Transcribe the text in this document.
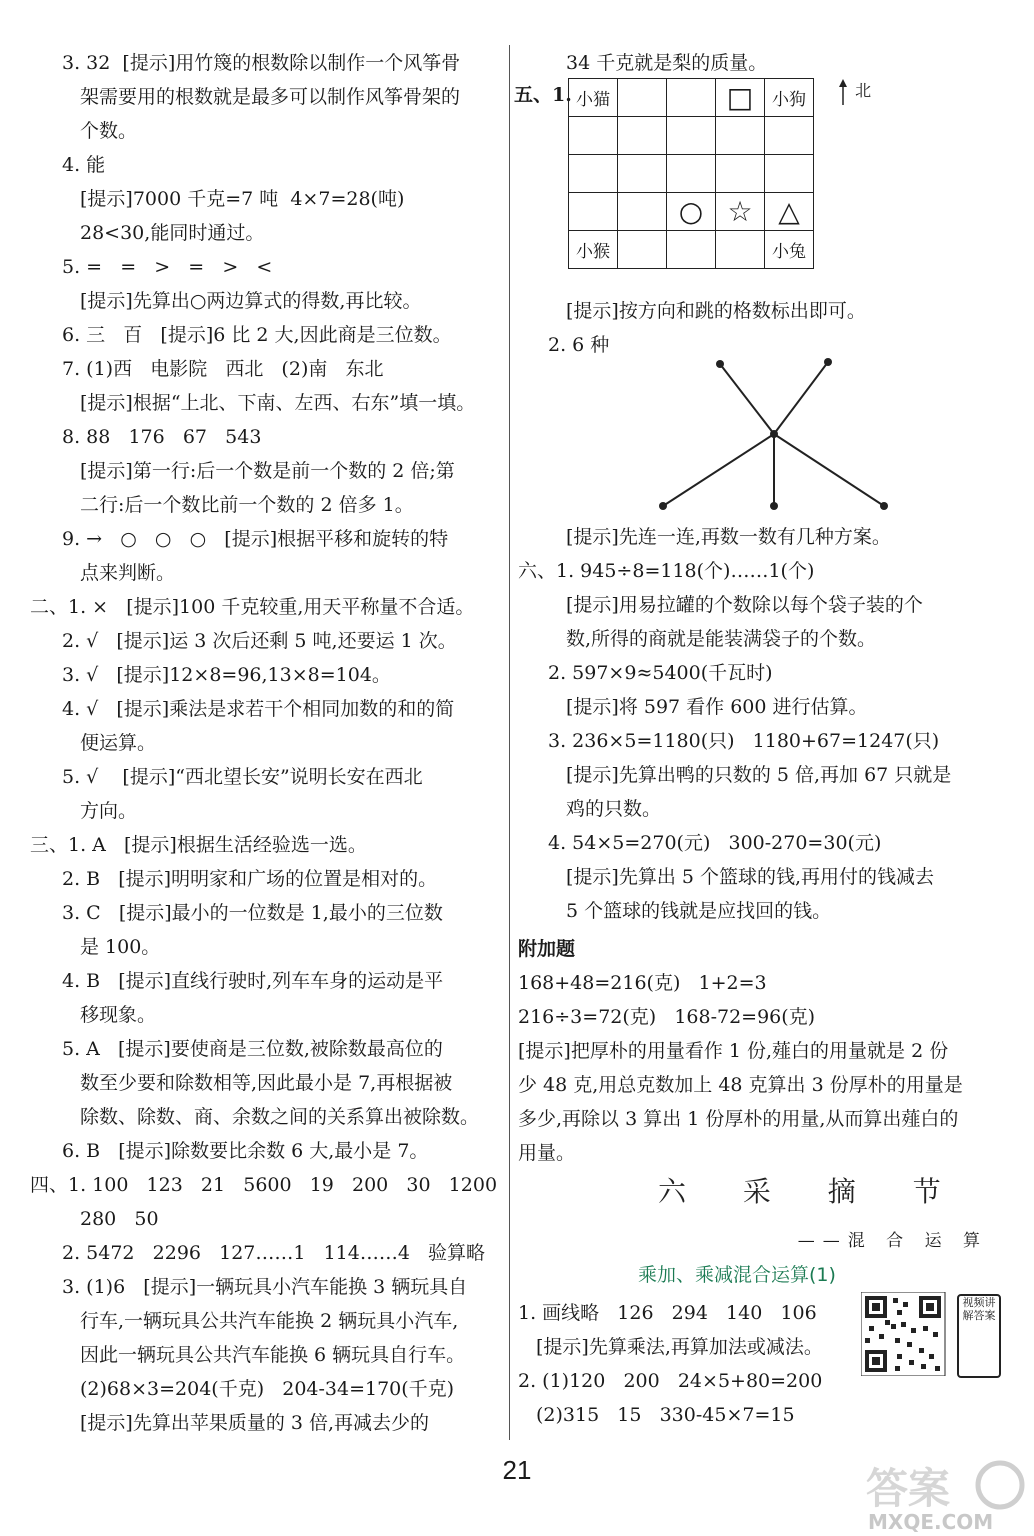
3. 32  [提示]用竹篾的根数除以制作一个风筝骨
架需要用的根数就是最多可以制作风筝骨架的
个数。
4. 能
[提示]7000 千克=7 吨  4×7=28(吨)
28<30,能同时通过。
5. =   =   >   =   >   <
[提示]先算出○两边算式的得数,再比较。
6. 三   百   [提示]6 比 2 大,因此商是三位数。
7. (1)西   电影院   西北   (2)南   东北
[提示]根据“上北、下南、左西、右东”填一填。
8. 88   176   67   543
[提示]第一行:后一个数是前一个数的 2 倍;第
二行:后一个数比前一个数的 2 倍多 1。
9. →   ○   ○   ○   [提示]根据平移和旋转的特
点来判断。
二、1. ×   [提示]100 千克较重,用天平称量不合适。
2. √   [提示]运 3 次后还剩 5 吨,还要运 1 次。
3. √   [提示]12×8=96,13×8=104。
4. √   [提示]乘法是求若干个相同加数的和的简
便运算。
5. √    [提示]“西北望长安”说明长安在西北
方向。
三、1. A   [提示]根据生活经验选一选。
2. B   [提示]明明家和广场的位置是相对的。
3. C   [提示]最小的一位数是 1,最小的三位数
是 100。
4. B   [提示]直线行驶时,列车车身的运动是平
移现象。
5. A   [提示]要使商是三位数,被除数最高位的
数至少要和除数相等,因此最小是 7,再根据被
除数、除数、商、余数之间的关系算出被除数。
6. B   [提示]除数要比余数 6 大,最小是 7。
四、1. 100   123   21   5600   19   200   30   1200
280   50
2. 5472   2296   127……1   114……4   验算略
3. (1)6   [提示]一辆玩具小汽车能换 3 辆玩具自
行车,一辆玩具公共汽车能换 2 辆玩具小汽车,
因此一辆玩具公共汽车能换 6 辆玩具自行车。
(2)68×3=204(千克)   204-34=170(千克)
[提示]先算出苹果质量的 3 倍,再减去少的
五、1. 小猫			□	小狗

		○	☆	△

小猴				小兔
北
六 采 摘 节
——混 合 运 算
乘加、乘减混合运算(1)
视频讲解答案
34 千克就是梨的质量。
[提示]按方向和跳的格数标出即可。
2. 6 种
[提示]先连一连,再数一数有几种方案。
六、1. 945÷8=118(个)……1(个)
[提示]用易拉罐的个数除以每个袋子装的个
数,所得的商就是能装满袋子的个数。
2. 597×9≈5400(千瓦时)
[提示]将 597 看作 600 进行估算。
3. 236×5=1180(只)   1180+67=1247(只)
[提示]先算出鸭的只数的 5 倍,再加 67 只就是
鸡的只数。
4. 54×5=270(元)   300-270=30(元)
[提示]先算出 5 个篮球的钱,再用付的钱减去
5 个篮球的钱就是应找回的钱。
附加题
168+48=216(克)   1+2=3
216÷3=72(克)   168-72=96(克)
[提示]把厚朴的用量看作 1 份,薤白的用量就是 2 份
少 48 克,用总克数加上 48 克算出 3 份厚朴的用量是
多少,再除以 3 算出 1 份厚朴的用量,从而算出薤白的
用量。
1. 画线略   126   294   140   106
[提示]先算乘法,再算加法或减法。
2. (1)120   200   24×5+80=200
(2)315   15   330-45×7=15
21	答案
MXQE.COM
